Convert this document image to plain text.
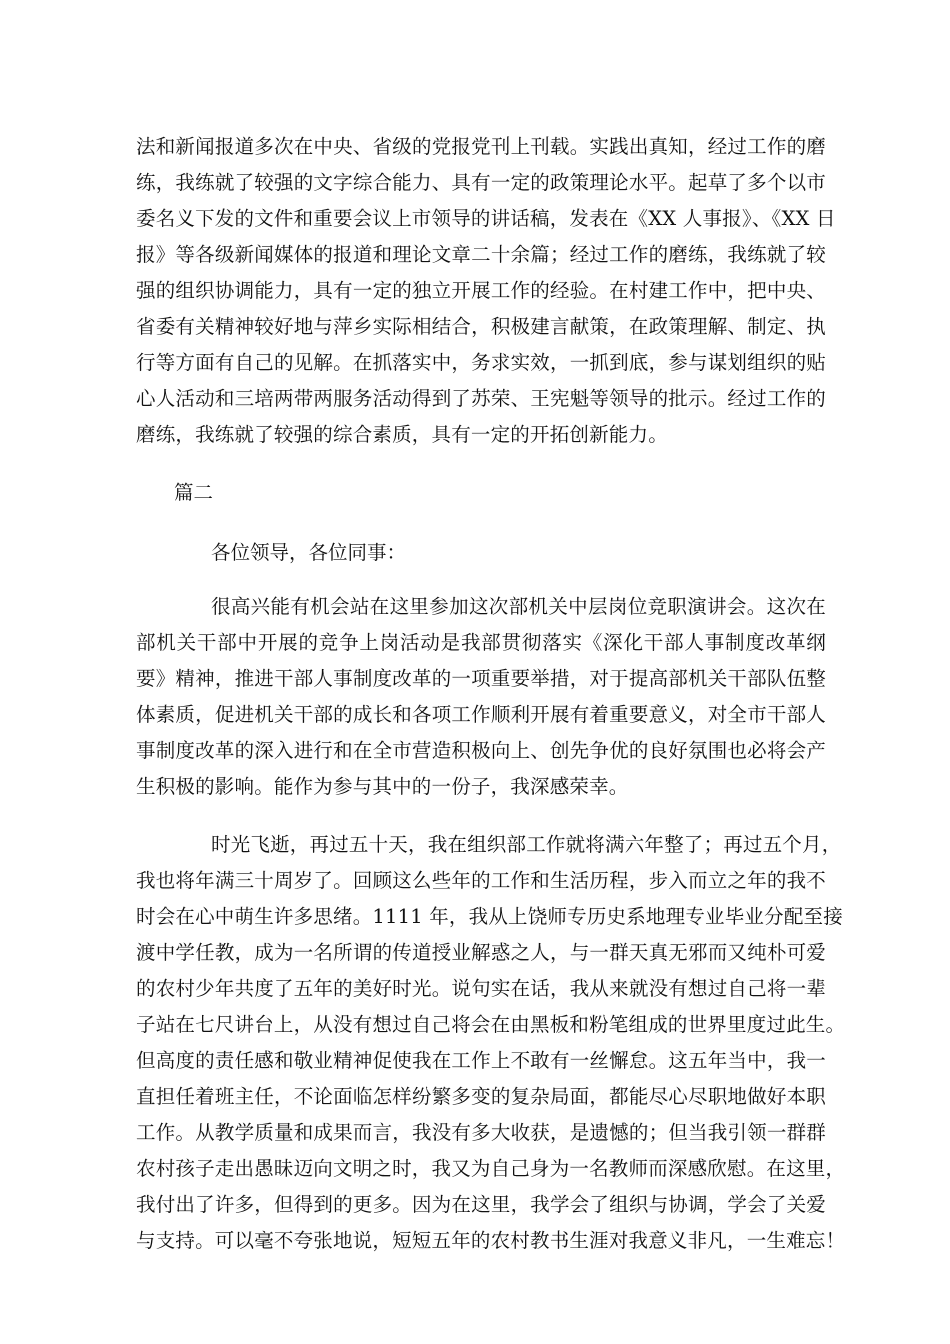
法和新闻报道多次在中央、省级的党报党刊上刊载。实践出真知，经过工作的磨
练，我练就了较强的文字综合能力、具有一定的政策理论水平。起草了多个以市
委名义下发的文件和重要会议上市领导的讲话稿，发表在《XX 人事报》、《XX 日
报》等各级新闻媒体的报道和理论文章二十余篇；经过工作的磨练，我练就了较
强的组织协调能力，具有一定的独立开展工作的经验。在村建工作中，把中央、
省委有关精神较好地与萍乡实际相结合，积极建言献策，在政策理解、制定、执
行等方面有自己的见解。在抓落实中，务求实效，一抓到底，参与谋划组织的贴
心人活动和三培两带两服务活动得到了苏荣、王宪魁等领导的批示。经过工作的
磨练，我练就了较强的综合素质，具有一定的开拓创新能力。
篇二
各位领导，各位同事：
很高兴能有机会站在这里参加这次部机关中层岗位竞职演讲会。这次在
部机关干部中开展的竞争上岗活动是我部贯彻落实《深化干部人事制度改革纲
要》精神，推进干部人事制度改革的一项重要举措，对于提高部机关干部队伍整
体素质，促进机关干部的成长和各项工作顺利开展有着重要意义，对全市干部人
事制度改革的深入进行和在全市营造积极向上、创先争优的良好氛围也必将会产
生积极的影响。能作为参与其中的一份子，我深感荣幸。
时光飞逝，再过五十天，我在组织部工作就将满六年整了；再过五个月，
我也将年满三十周岁了。回顾这么些年的工作和生活历程，步入而立之年的我不
时会在心中萌生许多思绪。1111 年，我从上饶师专历史系地理专业毕业分配至接
渡中学任教，成为一名所谓的传道授业解惑之人，与一群天真无邪而又纯朴可爱
的农村少年共度了五年的美好时光。说句实在话，我从来就没有想过自己将一辈
子站在七尺讲台上，从没有想过自己将会在由黑板和粉笔组成的世界里度过此生。
但高度的责任感和敬业精神促使我在工作上不敢有一丝懈怠。这五年当中，我一
直担任着班主任，不论面临怎样纷繁多变的复杂局面，都能尽心尽职地做好本职
工作。从教学质量和成果而言，我没有多大收获，是遗憾的；但当我引领一群群
农村孩子走出愚昧迈向文明之时，我又为自己身为一名教师而深感欣慰。在这里，
我付出了许多，但得到的更多。因为在这里，我学会了组织与协调，学会了关爱
与支持。可以毫不夸张地说，短短五年的农村教书生涯对我意义非凡，一生难忘！
